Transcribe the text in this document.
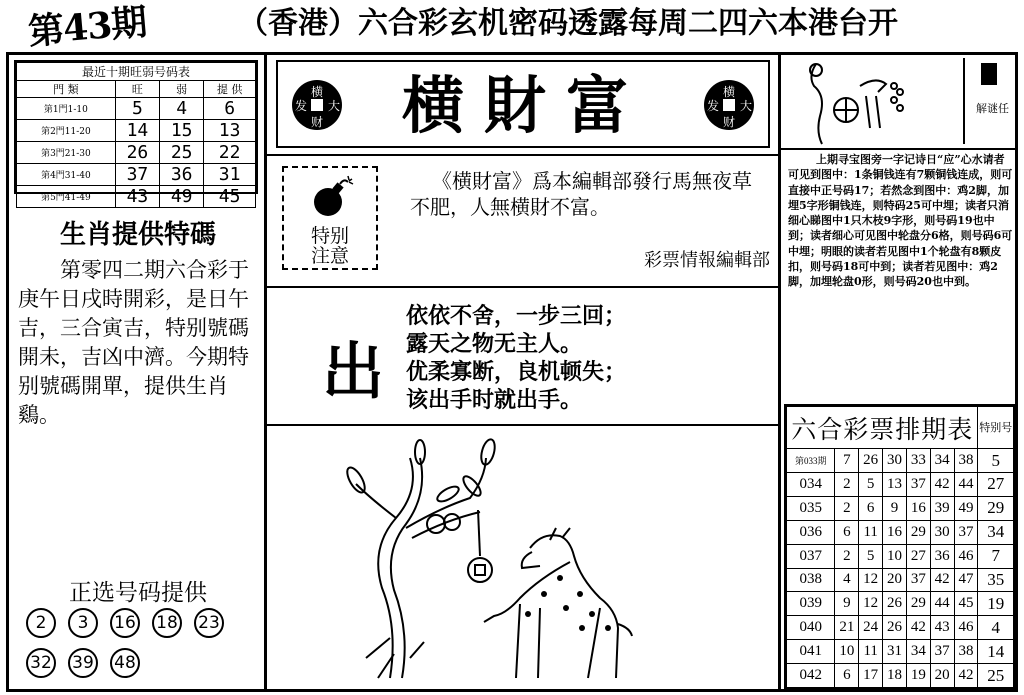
第43期	（香港）六合彩玄机密码透露每周二四六本港台开
最近十期旺弱号码表			
門 類	旺	弱	提 供
第1門1-10	5	4	6
第2門11-20	14	15	13
第3門21-30	26	25	22
第4門31-40	37	36	31
第5門41-49	43	49	45
生肖提供特碼
第零四二期六合彩于庚午日戌時開彩，是日午吉，三合寅吉，特别號碼開未，吉凶中濟。今期特别號碼開單，提供生肖鷄。
正选号码提供
2 3 16 18 2332 39 48
横
发 大
财	横財富	横
发 大
财
特别
注意
《横財富》爲本編輯部發行馬無夜草不肥，人無横財不富。
彩票情報編輯部
出
依依不舍，一步三回；
露天之物无主人。
优柔寡断，良机顿失；
该出手时就出手。
解谜任
上期寻宝图旁一字记诗日“应”心水请者可见到图中：1条铜钱连有7颗铜钱连成，则可直接中正号码17；若然念到图中：鸡2脚，加埋5字形铜钱连，则特码25可中埋；读者只消细心睇图中1只木枝9字形，则号码19也中到；读者细心可见图中轮盘分6格，则号码6可中埋；明眼的读者若见图中1个轮盘有8颗皮扣，则号码18可中到；读者若见图中：鸡2脚，加埋轮盘0形，则号码20也中到。
六合彩票排期表							特别号
第033期	7	26	30	33	34	38	5
034	2	5	13	37	42	44	27
035	2	6	9	16	39	49	29
036	6	11	16	29	30	37	34
037	2	5	10	27	36	46	7
038	4	12	20	37	42	47	35
039	9	12	26	29	44	45	19
040	21	24	26	42	43	46	4
041	10	11	31	34	37	38	14
042	6	17	18	19	20	42	25
